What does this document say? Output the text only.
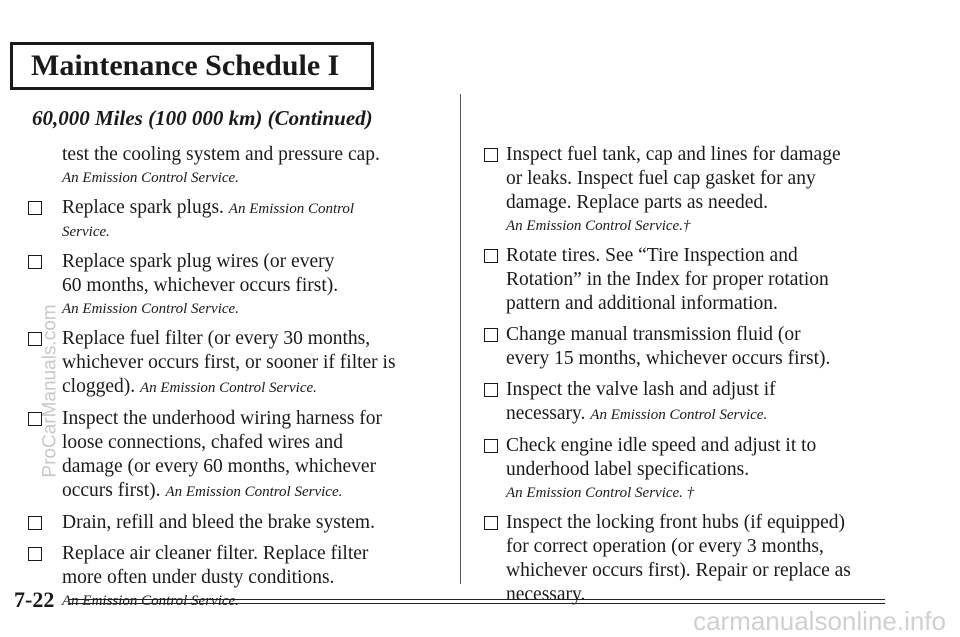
Maintenance Schedule I
60,000 Miles (100 000 km) (Continued)
test the cooling system and pressure cap.
An Emission Control Service.
Replace spark plugs. An Emission Control
Service.
Replace spark plug wires (or every
60 months, whichever occurs first).
An Emission Control Service.
Replace fuel filter (or every 30 months,
whichever occurs first, or sooner if filter is
clogged). An Emission Control Service.
Inspect the underhood wiring harness for
loose connections, chafed wires and
damage (or every 60 months, whichever
occurs first). An Emission Control Service.
Drain, refill and bleed the brake system.
Replace air cleaner filter. Replace filter
more often under dusty conditions.
An Emission Control Service.
Inspect fuel tank, cap and lines for damage
or leaks. Inspect fuel cap gasket for any
damage. Replace parts as needed.
An Emission Control Service.†
Rotate tires. See “Tire Inspection and
Rotation” in the Index for proper rotation
pattern and additional information.
Change manual transmission fluid (or
every 15 months, whichever occurs first).
Inspect the valve lash and adjust if
necessary. An Emission Control Service.
Check engine idle speed and adjust it to
underhood label specifications.
An Emission Control Service. †
Inspect the locking front hubs (if equipped)
for correct operation (or every 3 months,
whichever occurs first). Repair or replace as
necessary.
7-22
ProCarManuals.com
carmanualsonline.info
